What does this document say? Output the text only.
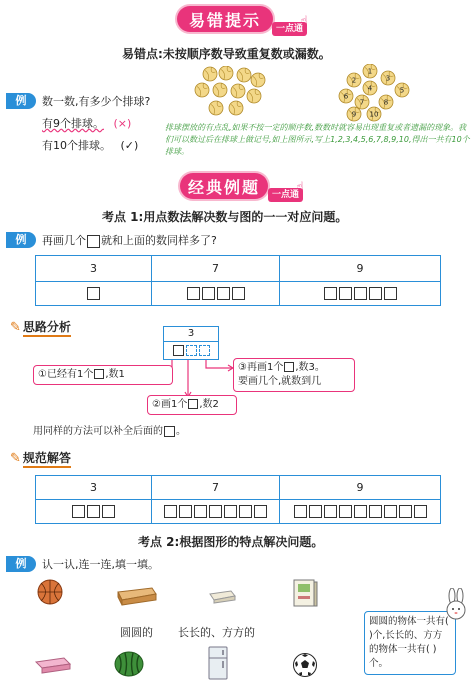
易错提示	一点通
☝
易错点:未按顺序数导致重复数或漏数。
例	数一数,有多少个排球?
有9个排球。 (×)
有10个排球。 (✓)
1
2	3
4	5
6
7	8
9 10
排球摆放的有点乱,如果不按一定的顺序数,数数时就容易出现重复或者遗漏的现象。我们可以数过后在排球上做记号,如上图所示,写上1,2,3,4,5,6,7,8,9,10,得出一共有10个排球。
经典例题	一点通
☝
考点 1:用点数法解决数与图的一一对应问题。
例	再画几个 就和上面的数同样多了?
3	7	9

✎ 思路分析	3
①已经有1个 ,数1
②画1个 ,数2
③再画1个 ,数3。
要画几个,就数到几
用同样的方法可以补全后面的 。
✎ 规范解答
3	7	9

考点 2:根据图形的特点解决问题。
例	认一认,连一连,填一填。
圆圆的 长长的、方方的
圆圆的物体一共有( )个,长长的、方方的物体一共有( )个。
